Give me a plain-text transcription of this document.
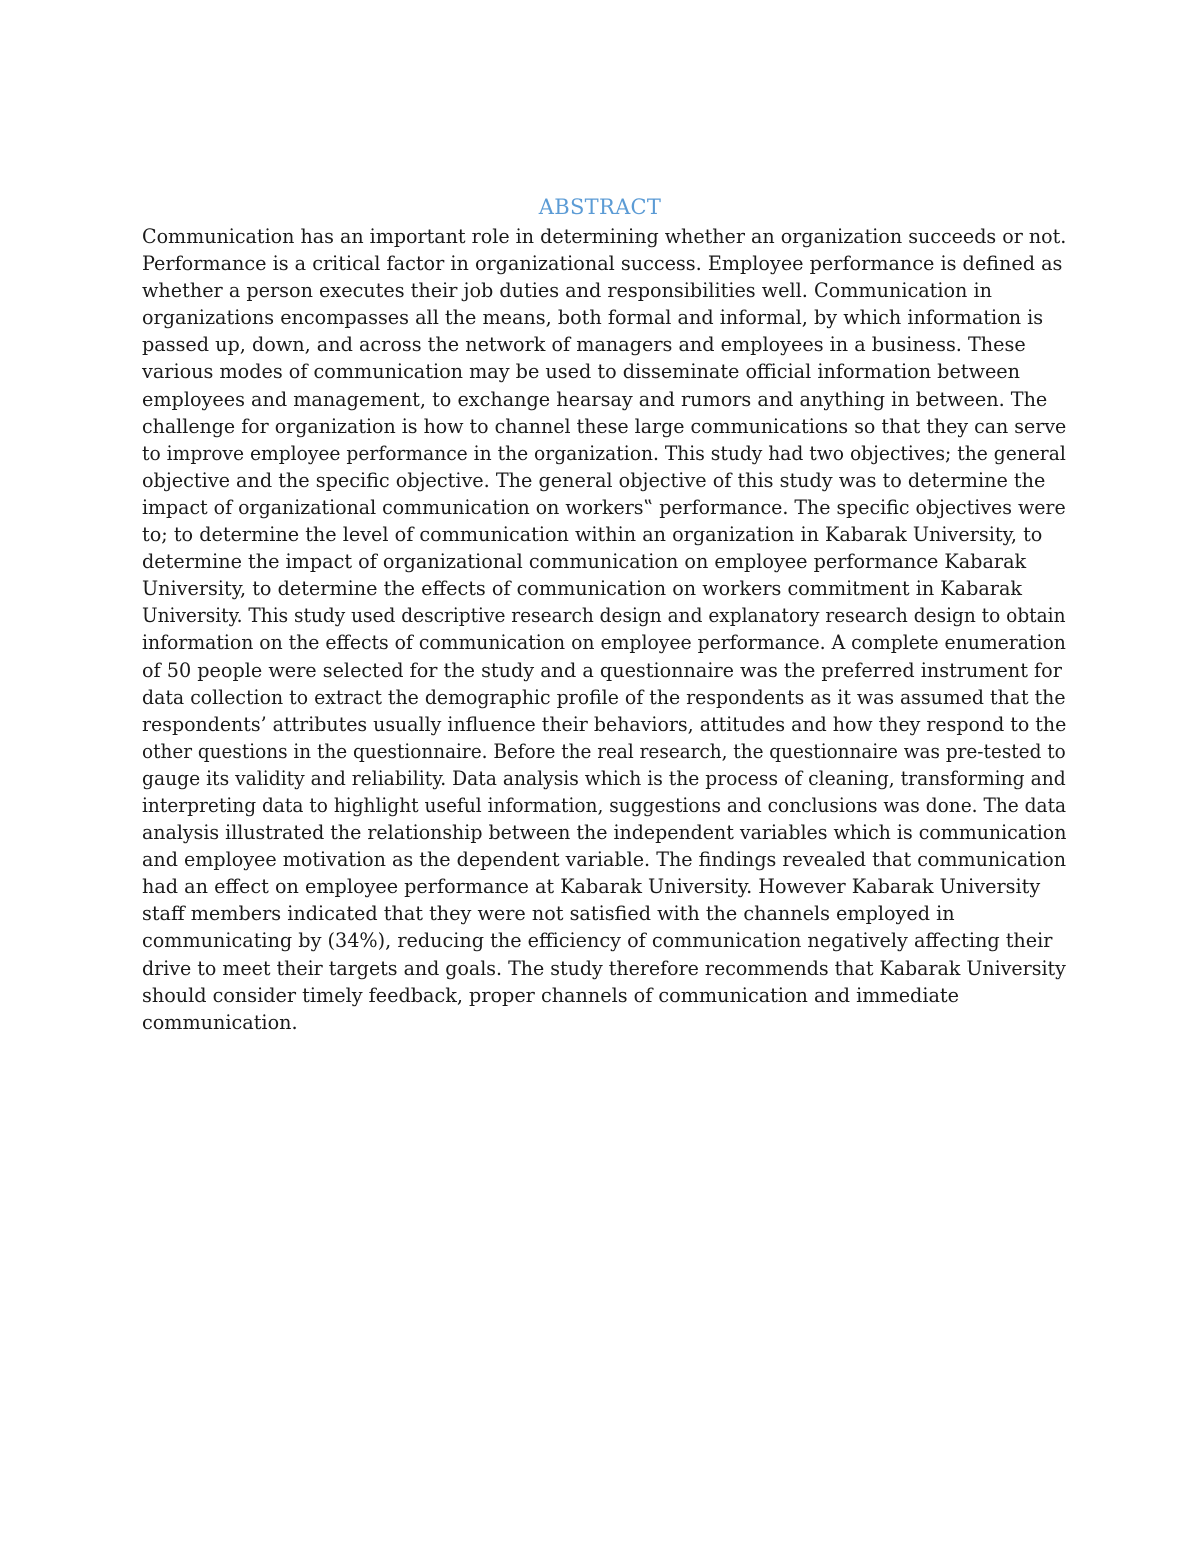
ABSTRACT
Communication has an important role in determining whether an organization succeeds or not.
Performance is a critical factor in organizational success. Employee performance is defined as
whether a person executes their job duties and responsibilities well. Communication in
organizations encompasses all the means, both formal and informal, by which information is
passed up, down, and across the network of managers and employees in a business. These
various modes of communication may be used to disseminate official information between
employees and management, to exchange hearsay and rumors and anything in between. The
challenge for organization is how to channel these large communications so that they can serve
to improve employee performance in the organization. This study had two objectives; the general
objective and the specific objective. The general objective of this study was to determine the
impact of organizational communication on workers‟ performance. The specific objectives were
to; to determine the level of communication within an organization in Kabarak University, to
determine the impact of organizational communication on employee performance Kabarak
University, to determine the effects of communication on workers commitment in Kabarak
University. This study used descriptive research design and explanatory research design to obtain
information on the effects of communication on employee performance. A complete enumeration
of 50 people were selected for the study and a questionnaire was the preferred instrument for
data collection to extract the demographic profile of the respondents as it was assumed that the
respondents’ attributes usually influence their behaviors, attitudes and how they respond to the
other questions in the questionnaire. Before the real research, the questionnaire was pre-tested to
gauge its validity and reliability. Data analysis which is the process of cleaning, transforming and
interpreting data to highlight useful information, suggestions and conclusions was done. The data
analysis illustrated the relationship between the independent variables which is communication
and employee motivation as the dependent variable. The findings revealed that communication
had an effect on employee performance at Kabarak University. However Kabarak University
staff members indicated that they were not satisfied with the channels employed in
communicating by (34%), reducing the efficiency of communication negatively affecting their
drive to meet their targets and goals. The study therefore recommends that Kabarak University
should consider timely feedback, proper channels of communication and immediate
communication.
